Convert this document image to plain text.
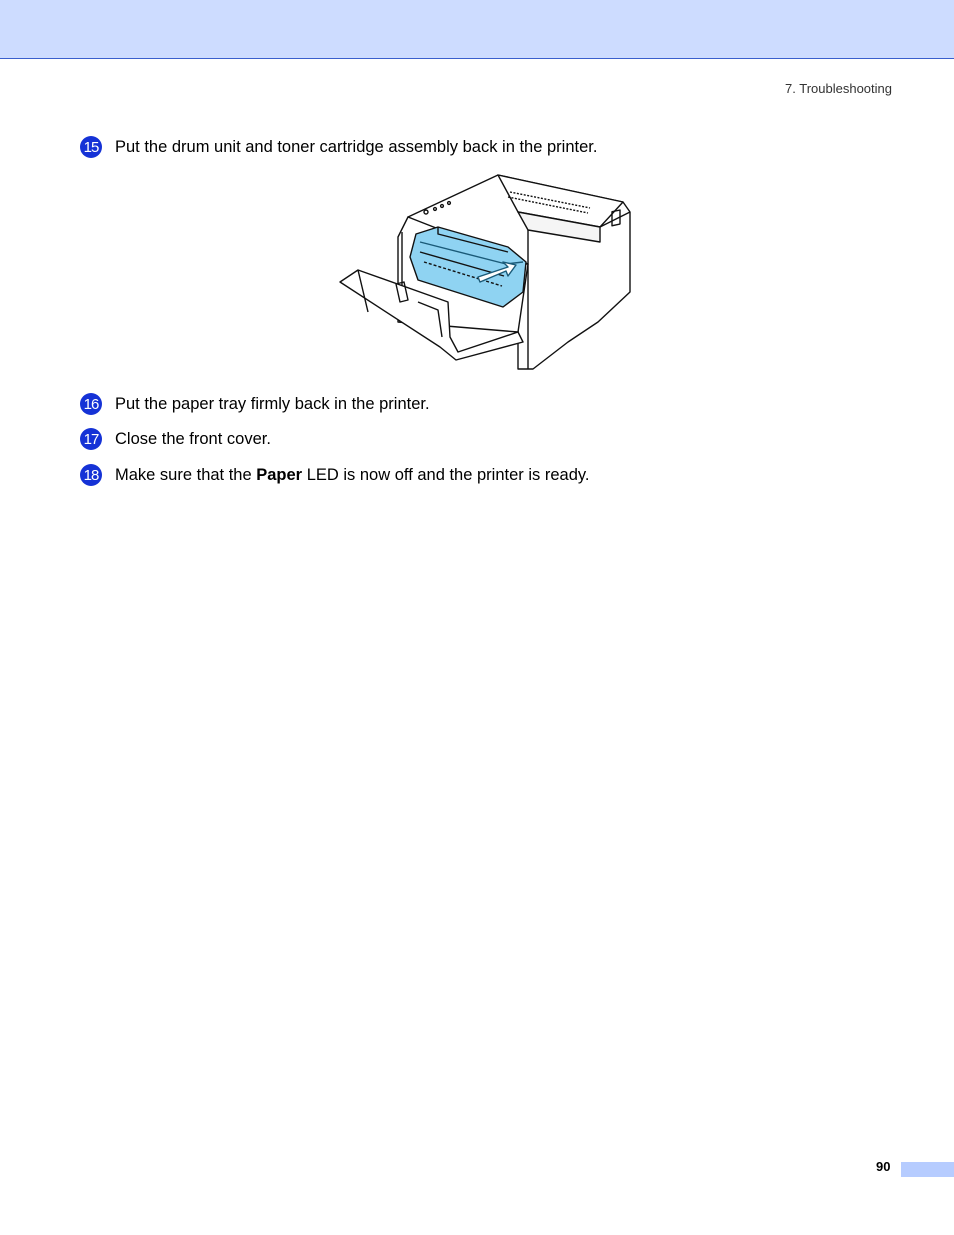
7. Troubleshooting
15 Put the drum unit and toner cartridge assembly back in the printer.
16 Put the paper tray firmly back in the printer.
17 Close the front cover.
18 Make sure that the Paper LED is now off and the printer is ready.
90
